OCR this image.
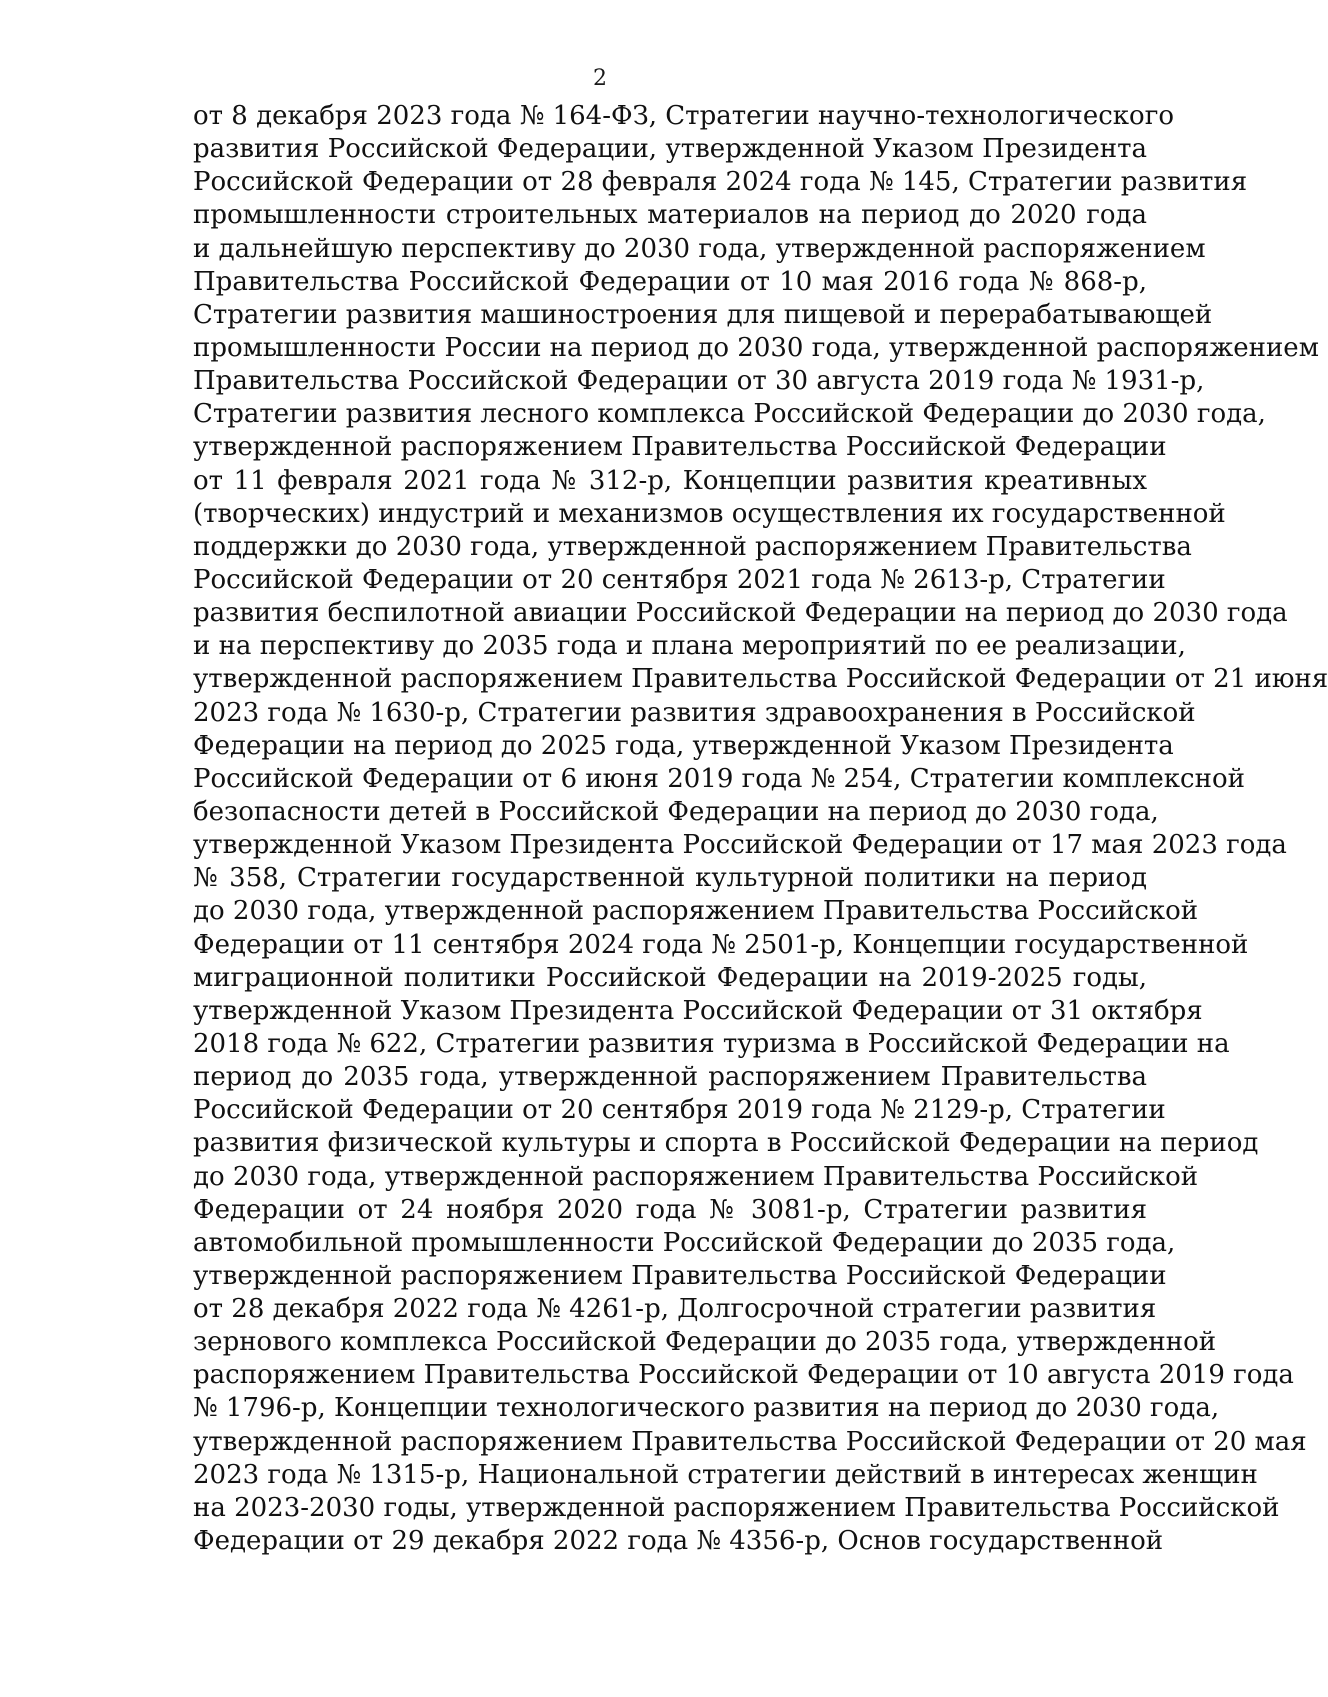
2
от 8 декабря 2023 года № 164-ФЗ, Стратегии научно-технологического
развития Российской Федерации, утвержденной Указом Президента
Российской Федерации от 28 февраля 2024 года № 145, Стратегии развития
промышленности строительных материалов на период до 2020 года
и дальнейшую перспективу до 2030 года, утвержденной распоряжением
Правительства Российской Федерации от 10 мая 2016 года № 868-р,
Стратегии развития машиностроения для пищевой и перерабатывающей
промышленности России на период до 2030 года, утвержденной распоряжением
Правительства Российской Федерации от 30 августа 2019 года № 1931-р,
Стратегии развития лесного комплекса Российской Федерации до 2030 года,
утвержденной распоряжением Правительства Российской Федерации
от 11 февраля 2021 года № 312-р, Концепции развития креативных
(творческих) индустрий и механизмов осуществления их государственной
поддержки до 2030 года, утвержденной распоряжением Правительства
Российской Федерации от 20 сентября 2021 года № 2613-р, Стратегии
развития беспилотной авиации Российской Федерации на период до 2030 года
и на перспективу до 2035 года и плана мероприятий по ее реализации,
утвержденной распоряжением Правительства Российской Федерации от 21 июня
2023 года № 1630-р, Стратегии развития здравоохранения в Российской
Федерации на период до 2025 года, утвержденной Указом Президента
Российской Федерации от 6 июня 2019 года № 254, Стратегии комплексной
безопасности детей в Российской Федерации на период до 2030 года,
утвержденной Указом Президента Российской Федерации от 17 мая 2023 года
№ 358, Стратегии государственной культурной политики на период
до 2030 года, утвержденной распоряжением Правительства Российской
Федерации от 11 сентября 2024 года № 2501-р, Концепции государственной
миграционной политики Российской Федерации на 2019-2025 годы,
утвержденной Указом Президента Российской Федерации от 31 октября
2018 года № 622, Стратегии развития туризма в Российской Федерации на
период до 2035 года, утвержденной распоряжением Правительства
Российской Федерации от 20 сентября 2019 года № 2129-р, Стратегии
развития физической культуры и спорта в Российской Федерации на период
до 2030 года, утвержденной распоряжением Правительства Российской
Федерации от 24 ноября 2020 года № 3081-р, Стратегии развития
автомобильной промышленности Российской Федерации до 2035 года,
утвержденной распоряжением Правительства Российской Федерации
от 28 декабря 2022 года № 4261-р, Долгосрочной стратегии развития
зернового комплекса Российской Федерации до 2035 года, утвержденной
распоряжением Правительства Российской Федерации от 10 августа 2019 года
№ 1796-р, Концепции технологического развития на период до 2030 года,
утвержденной распоряжением Правительства Российской Федерации от 20 мая
2023 года № 1315-р, Национальной стратегии действий в интересах женщин
на 2023-2030 годы, утвержденной распоряжением Правительства Российской
Федерации от 29 декабря 2022 года № 4356-р, Основ государственной
